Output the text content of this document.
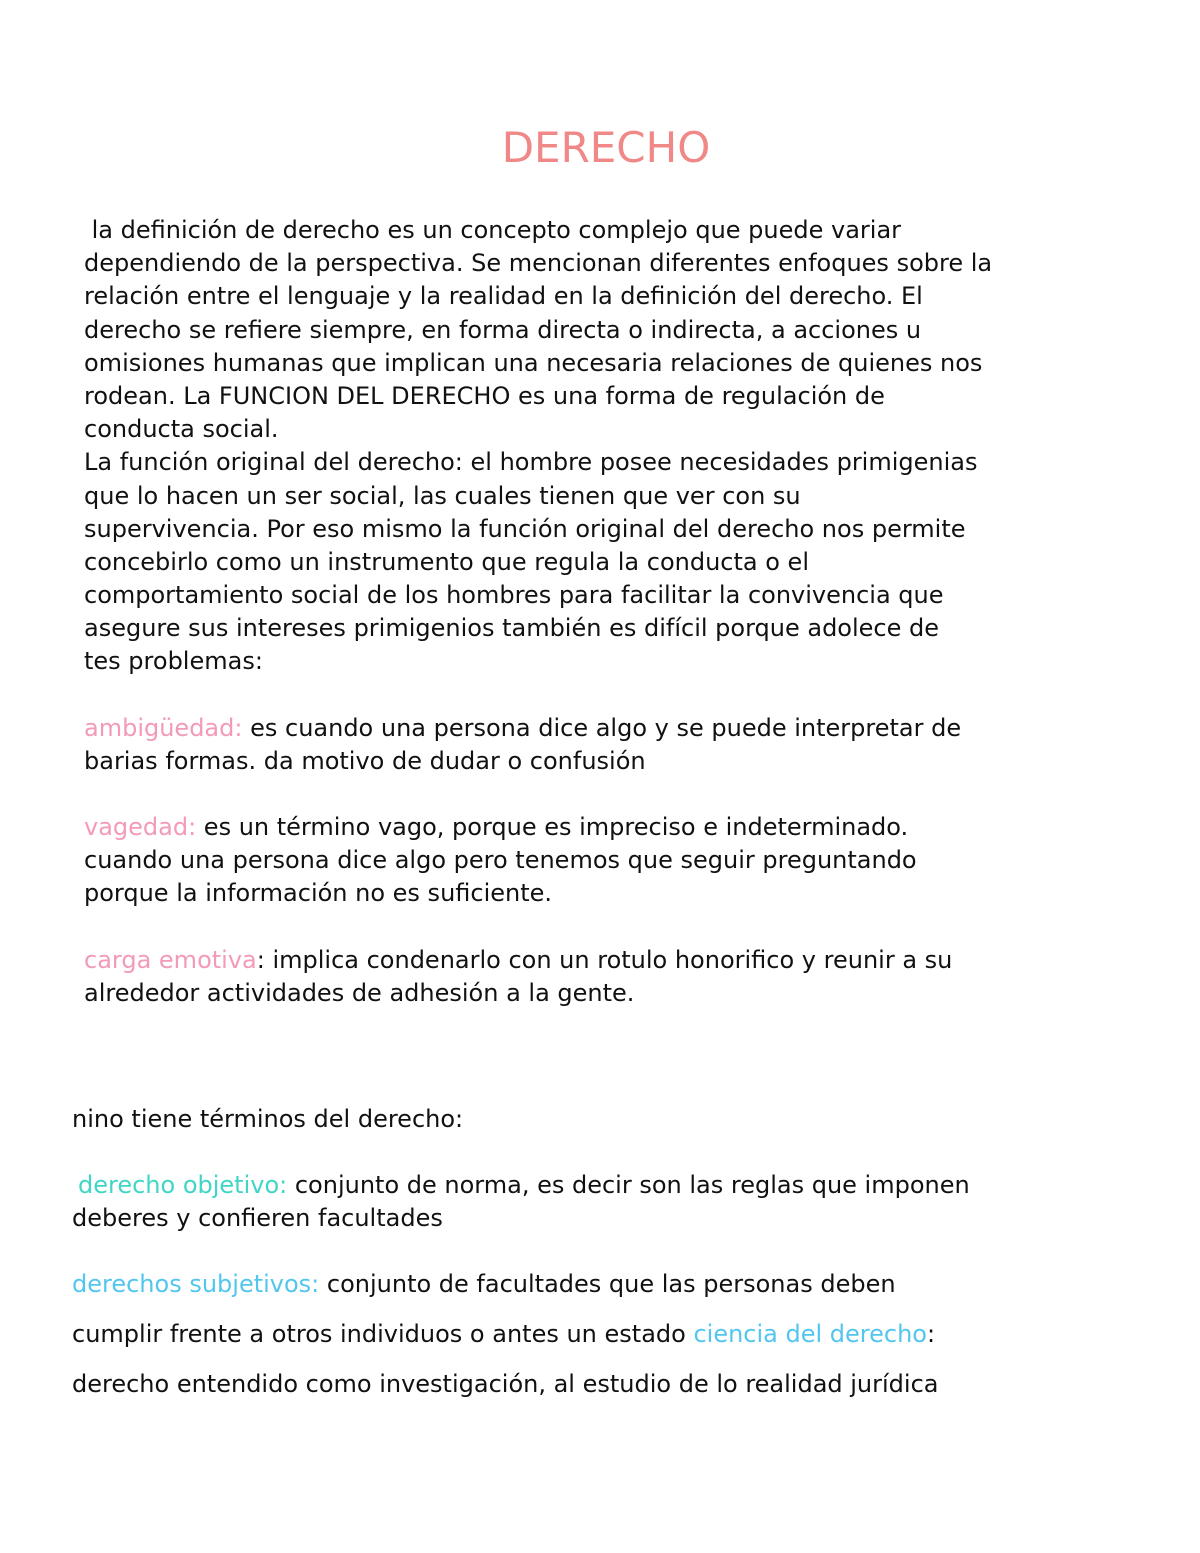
DERECHO
la definición de derecho es un concepto complejo que puede variar
dependiendo de la perspectiva. Se mencionan diferentes enfoques sobre la
relación entre el lenguaje y la realidad en la definición del derecho. El
derecho se refiere siempre, en forma directa o indirecta, a acciones u
omisiones humanas que implican una necesaria relaciones de quienes nos
rodean. La FUNCION DEL DERECHO es una forma de regulación de
conducta social.
La función original del derecho: el hombre posee necesidades primigenias
que lo hacen un ser social, las cuales tienen que ver con su
supervivencia. Por eso mismo la función original del derecho nos permite
concebirlo como un instrumento que regula la conducta o el
comportamiento social de los hombres para facilitar la convivencia que
asegure sus intereses primigenios también es difícil porque adolece de
tes problemas:
ambigüedad: es cuando una persona dice algo y se puede interpretar de
barias formas. da motivo de dudar o confusión
vagedad: es un término vago, porque es impreciso e indeterminado.
cuando una persona dice algo pero tenemos que seguir preguntando
porque la información no es suficiente.
carga emotiva: implica condenarlo con un rotulo honorifico y reunir a su
alrededor actividades de adhesión a la gente.
nino tiene términos del derecho:
derecho objetivo: conjunto de norma, es decir son las reglas que imponen
deberes y confieren facultades
derechos subjetivos: conjunto de facultades que las personas deben
cumplir frente a otros individuos o antes un estado ciencia del derecho:
derecho entendido como investigación, al estudio de lo realidad jurídica
